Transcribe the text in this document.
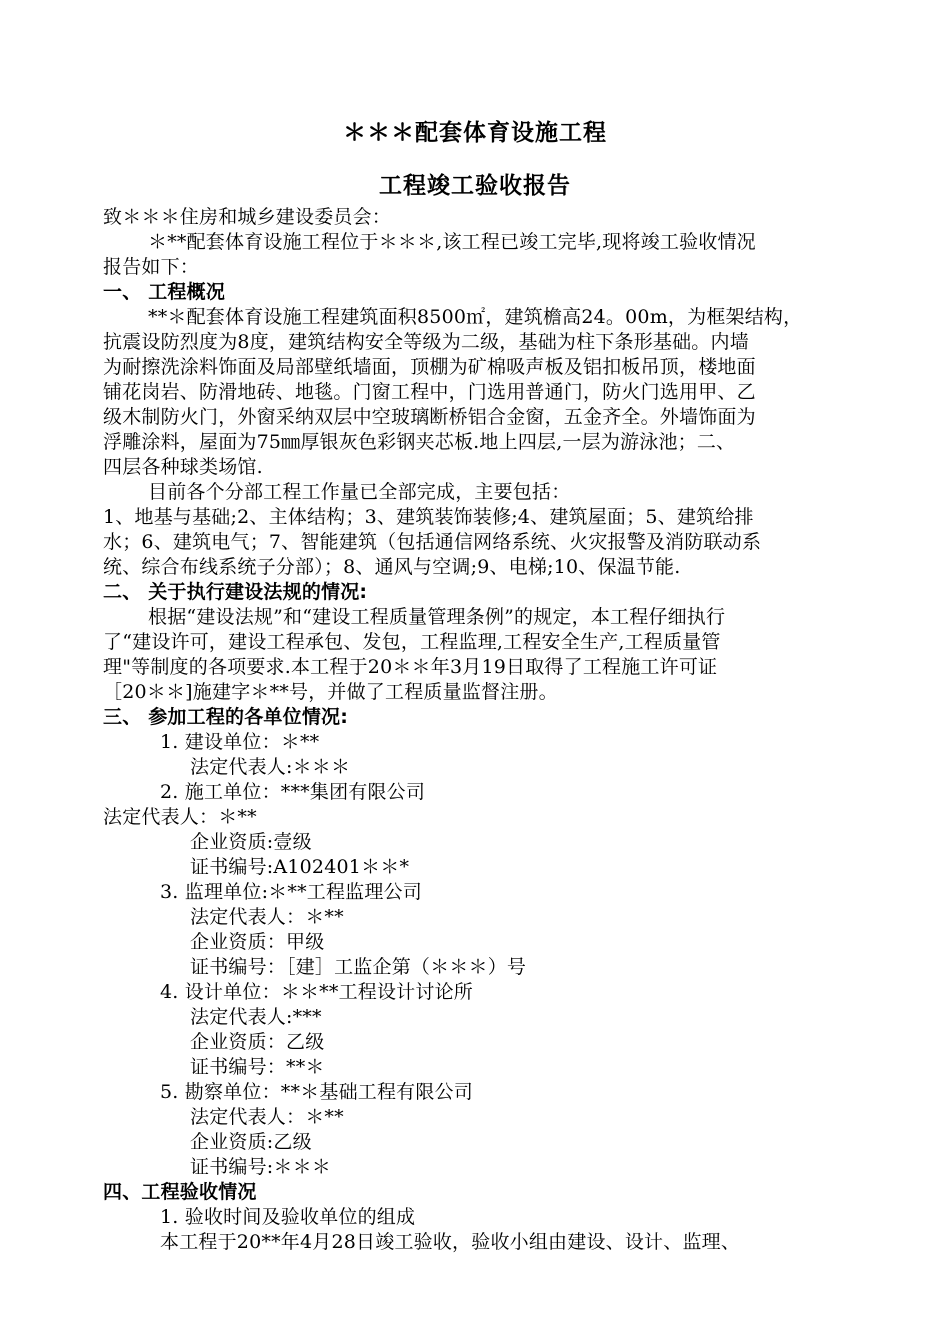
＊＊＊配套体育设施工程
工程竣工验收报告
致＊＊＊住房和城乡建设委员会：
＊**配套体育设施工程位于＊＊＊,该工程已竣工完毕,现将竣工验收情况
报告如下：
一、 工程概况
**＊配套体育设施工程建筑面积8500㎡，建筑檐高24。00m，为框架结构，
抗震设防烈度为8度，建筑结构安全等级为二级，基础为柱下条形基础。内墙
为耐擦洗涂料饰面及局部壁纸墙面，顶棚为矿棉吸声板及铝扣板吊顶，楼地面
铺花岗岩、防滑地砖、地毯。门窗工程中，门选用普通门，防火门选用甲、乙
级木制防火门，外窗采纳双层中空玻璃断桥铝合金窗，五金齐全。外墙饰面为
浮雕涂料，屋面为75㎜厚银灰色彩钢夹芯板.地上四层,一层为游泳池；二、
四层各种球类场馆.
目前各个分部工程工作量已全部完成，主要包括：
1、地基与基础;2、主体结构；3、建筑装饰装修;4、建筑屋面；5、建筑给排
水；6、建筑电气；7、智能建筑（包括通信网络系统、火灾报警及消防联动系
统、综合布线系统子分部）；8、通风与空调;9、电梯;10、保温节能.
二、 关于执行建设法规的情况:
根据“建设法规”和“建设工程质量管理条例”的规定，本工程仔细执行
了“建设许可，建设工程承包、发包，工程监理,工程安全生产,工程质量管
理"等制度的各项要求.本工程于20＊＊年3月19日取得了工程施工许可证
［20＊＊]施建字＊**号，并做了工程质量监督注册。
三、 参加工程的各单位情况:
1. 建设单位：＊**
法定代表人:＊＊＊
2. 施工单位：***集团有限公司
法定代表人：＊**
企业资质:壹级
证书编号:A102401＊＊*
3. 监理单位:＊**工程监理公司
法定代表人：＊**
企业资质：甲级
证书编号：［建］工监企第（＊＊＊）号
4. 设计单位：＊＊**工程设计讨论所
法定代表人:***
企业资质：乙级
证书编号：**＊
5. 勘察单位：**＊基础工程有限公司
法定代表人：＊**
企业资质:乙级
证书编号:＊＊＊
四、工程验收情况
1. 验收时间及验收单位的组成
本工程于20**年4月28日竣工验收，验收小组由建设、设计、监理、
